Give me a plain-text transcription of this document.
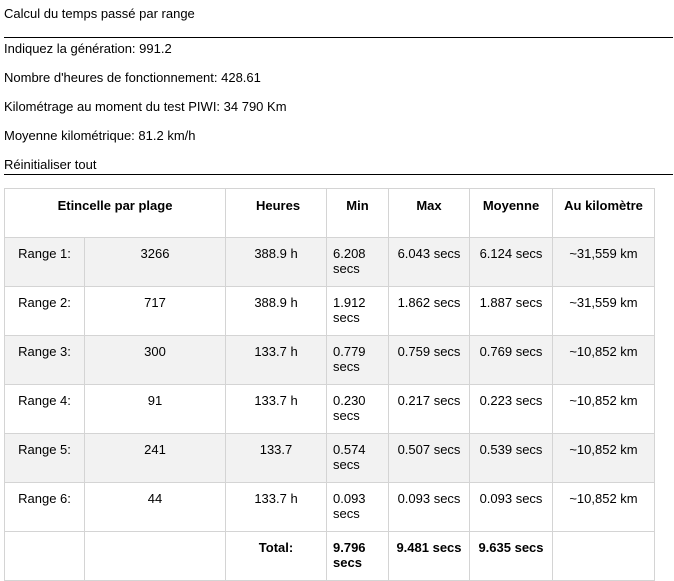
Calcul du temps passé par range
Indiquez la génération: 991.2
Nombre d'heures de fonctionnement: 428.61
Kilométrage au moment du test PIWI: 34 790 Km
Moyenne kilométrique: 81.2 km/h
Réinitialiser tout
Etincelle par plage		Heures	Min	Max	Moyenne	Au kilomètre
Range 1:	3266	388.9 h	6.208 secs	6.043 secs	6.124 secs	~31,559 km
Range 2:	717	388.9 h	1.912 secs	1.862 secs	1.887 secs	~31,559 km
Range 3:	300	133.7 h	0.779 secs	0.759 secs	0.769 secs	~10,852 km
Range 4:	91	133.7 h	0.230 secs	0.217 secs	0.223 secs	~10,852 km
Range 5:	241	133.7	0.574 secs	0.507 secs	0.539 secs	~10,852 km
Range 6:	44	133.7 h	0.093 secs	0.093 secs	0.093 secs	~10,852 km
		Total:	9.796 secs	9.481 secs	9.635 secs	
